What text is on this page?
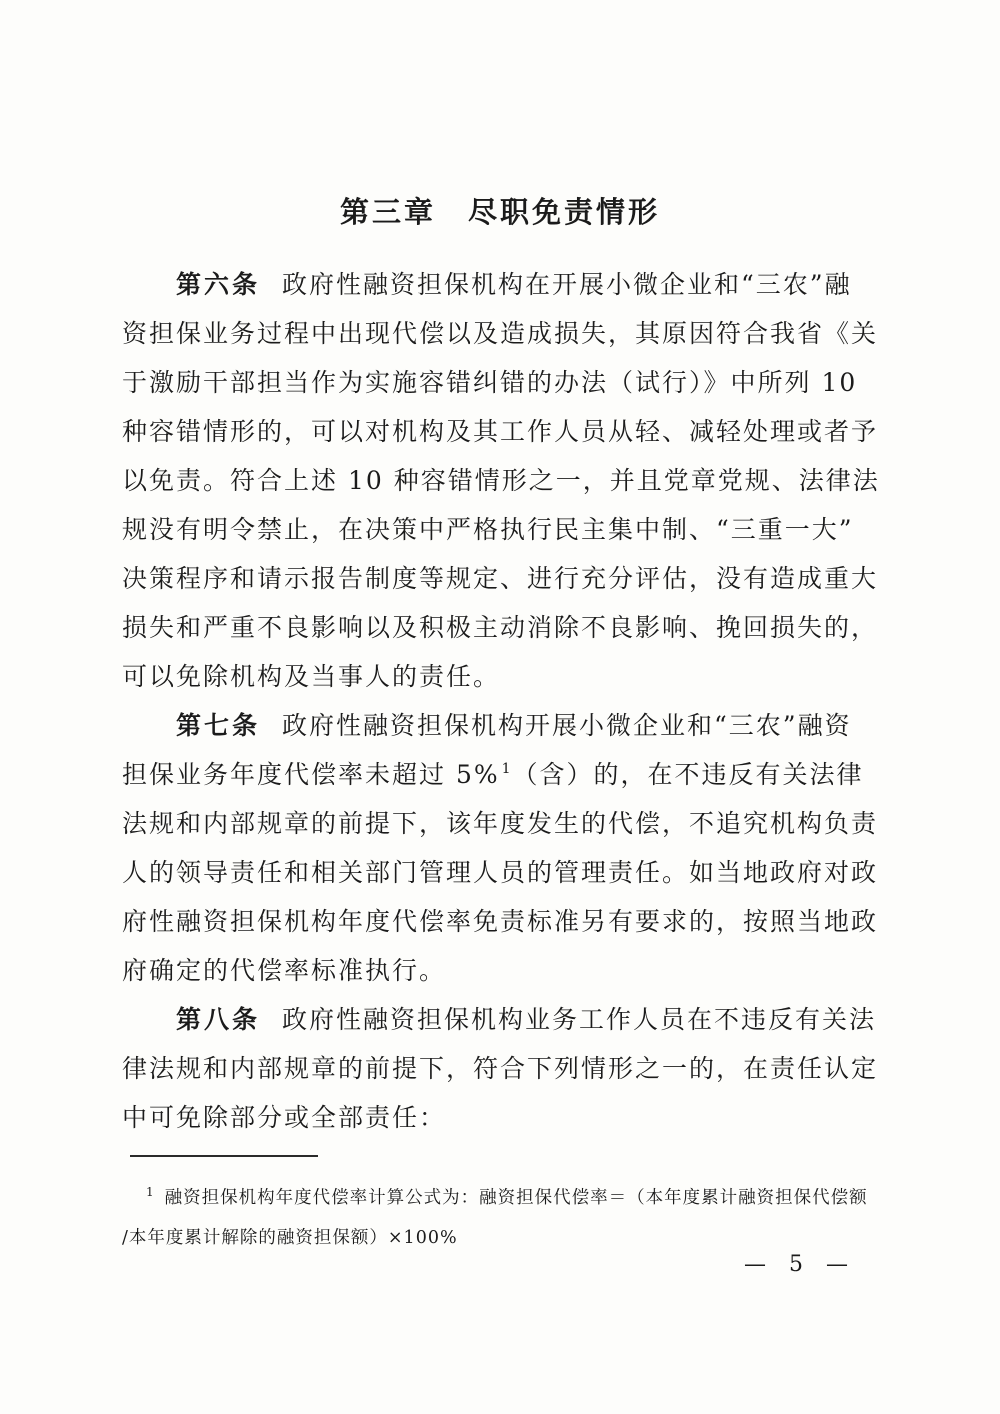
第三章　尽职免责情形
第六条 政府性融资担保机构在开展小微企业和“三农”融
资担保业务过程中出现代偿以及造成损失，其原因符合我省《关
于激励干部担当作为实施容错纠错的办法（试行）》中所列 10
种容错情形的，可以对机构及其工作人员从轻、减轻处理或者予
以免责。符合上述 10 种容错情形之一，并且党章党规、法律法
规没有明令禁止，在决策中严格执行民主集中制、“三重一大”
决策程序和请示报告制度等规定、进行充分评估，没有造成重大
损失和严重不良影响以及积极主动消除不良影响、挽回损失的，
可以免除机构及当事人的责任。
第七条 政府性融资担保机构开展小微企业和“三农”融资
担保业务年度代偿率未超过 5% $^1$（含）的，在不违反有关法律
法规和内部规章的前提下，该年度发生的代偿，不追究机构负责
人的领导责任和相关部门管理人员的管理责任。如当地政府对政
府性融资担保机构年度代偿率免责标准另有要求的，按照当地政
府确定的代偿率标准执行。
第八条 政府性融资担保机构业务工作人员在不违反有关法
律法规和内部规章的前提下，符合下列情形之一的，在责任认定
中可免除部分或全部责任：
$^1$ 融资担保机构年度代偿率计算公式为：融资担保代偿率＝（本年度累计融资担保代偿额
/本年度累计解除的融资担保额）×100%
— 5 —
